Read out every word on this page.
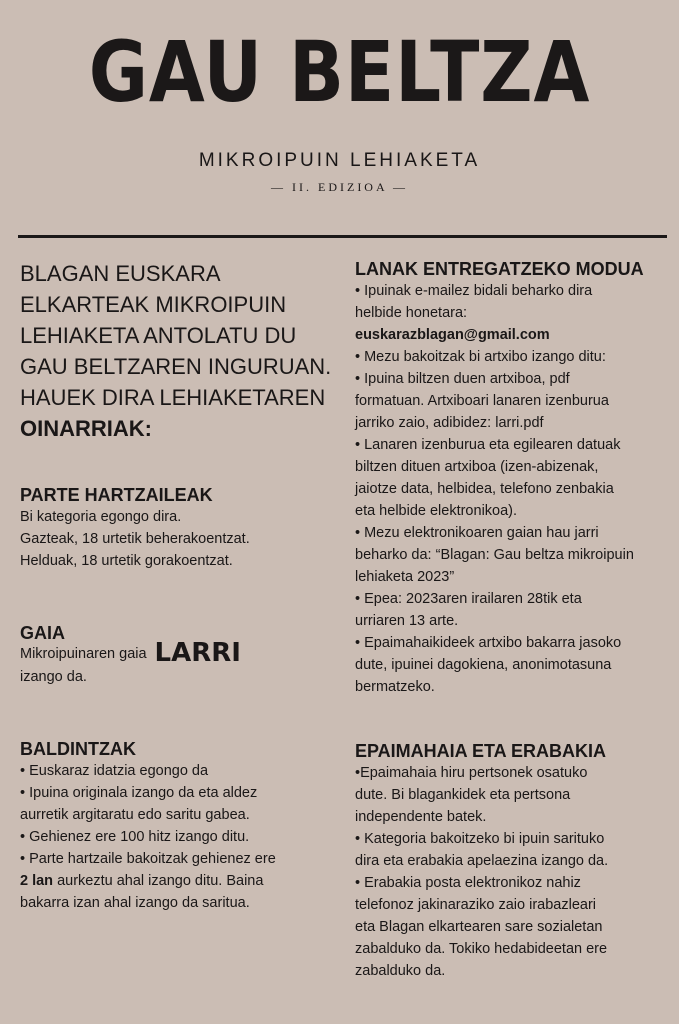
GAU BELTZA
MIKROIPUIN LEHIAKETA
— II. EDIZIOA —

BLAGAN EUSKARA
ELKARTEAK MIKROIPUIN
LEHIAKETA ANTOLATU DU
GAU BELTZAREN INGURUAN.
HAUEK DIRA LEHIAKETAREN
OINARRIAK:

PARTE HARTZAILEAK

Bi kategoria egongo dira.

Gazteak, 18 urtetik beherakoentzat.

Helduak, 18 urtetik gorakoentzat.

GAIA

Mikroipuinaren gaia LARRI

izango da.

BALDINTZAK

• Euskaraz idatzia egongo da

• Ipuina originala izango da eta aldez

aurretik argitaratu edo saritu gabea.

• Gehienez ere 100 hitz izango ditu.

• Parte hartzaile bakoitzak gehienez ere

2 lan aurkeztu ahal izango ditu. Baina

bakarra izan ahal izango da saritua.

LANAK ENTREGATZEKO MODUA

• Ipuinak e-mailez bidali beharko dira

helbide honetara:

euskarazblagan@gmail.com

• Mezu bakoitzak bi artxibo izango ditu:

• Ipuina biltzen duen artxiboa, pdf

formatuan. Artxiboari lanaren izenburua

jarriko zaio, adibidez: larri.pdf

• Lanaren izenburua eta egilearen datuak

biltzen dituen artxiboa (izen-abizenak,

jaiotze data, helbidea, telefono zenbakia

eta helbide elektronikoa).

• Mezu elektronikoaren gaian hau jarri

beharko da: “Blagan: Gau beltza mikroipuin

lehiaketa 2023”

• Epea: 2023aren irailaren 28tik eta

urriaren 13 arte.

• Epaimahaikideek artxibo bakarra jasoko

dute, ipuinei dagokiena, anonimotasuna

bermatzeko.

EPAIMAHAIA ETA ERABAKIA

•Epaimahaia hiru pertsonek osatuko

dute. Bi blagankidek eta pertsona

independente batek.

• Kategoria bakoitzeko bi ipuin sarituko

dira eta erabakia apelaezina izango da.

• Erabakia posta elektronikoz nahiz

telefonoz jakinaraziko zaio irabazleari

eta Blagan elkartearen sare sozialetan

zabalduko da. Tokiko hedabideetan ere

zabalduko da.
